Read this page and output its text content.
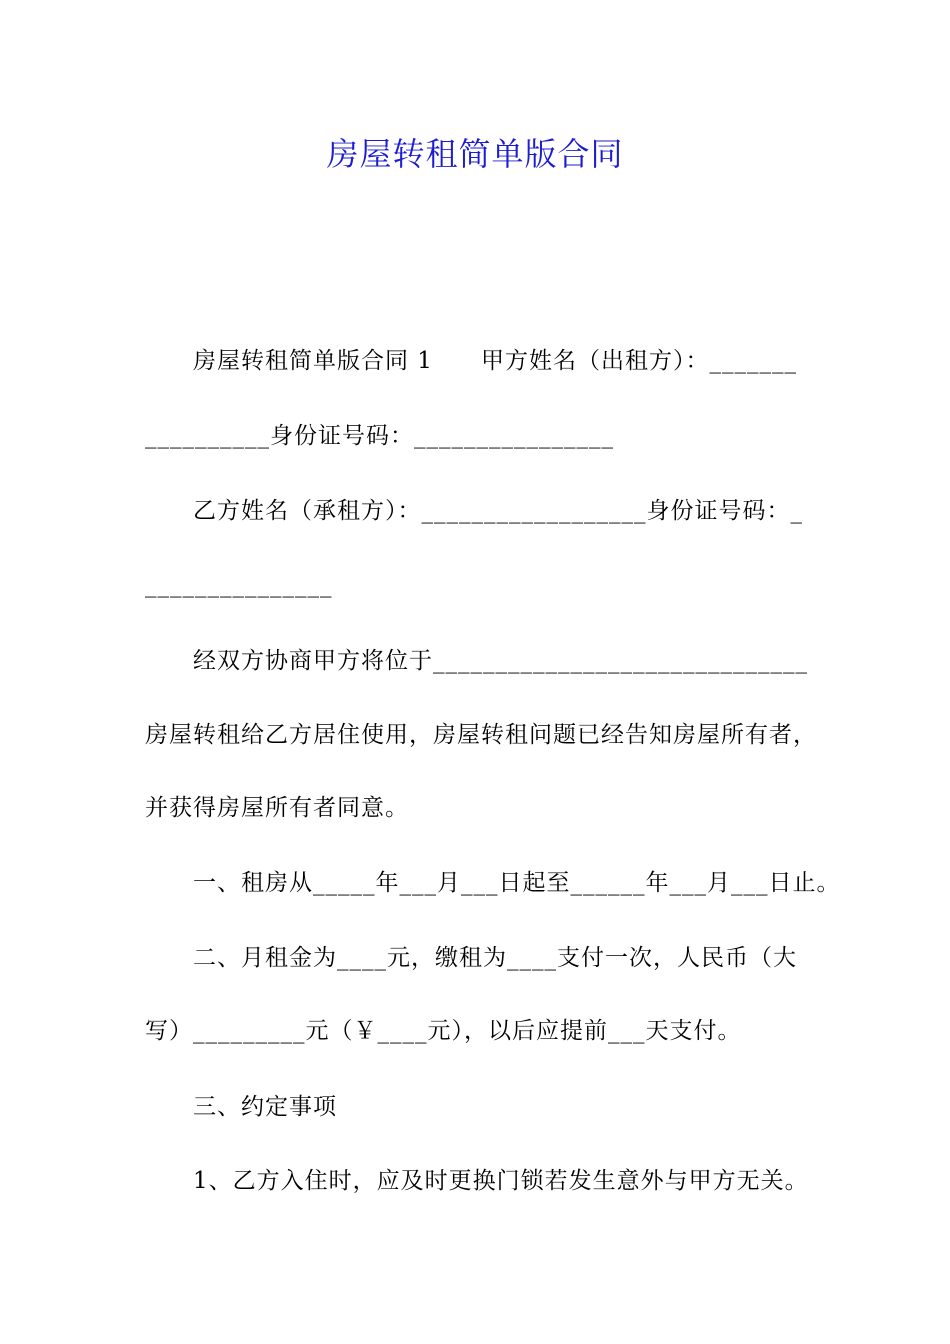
房屋转租简单版合同
房屋转租简单版合同 1　　甲方姓名（出租方）：_______
__________身份证号码：________________
乙方姓名（承租方）：__________________身份证号码：_
_______________
经双方协商甲方将位于______________________________
房屋转租给乙方居住使用，房屋转租问题已经告知房屋所有者，
并获得房屋所有者同意。
一、租房从_____年___月___日起至______年___月___日止。
二、月租金为____元，缴租为____支付一次，人民币（大
写）_________元（￥____元），以后应提前___天支付。
三、约定事项
1、乙方入住时，应及时更换门锁若发生意外与甲方无关。
